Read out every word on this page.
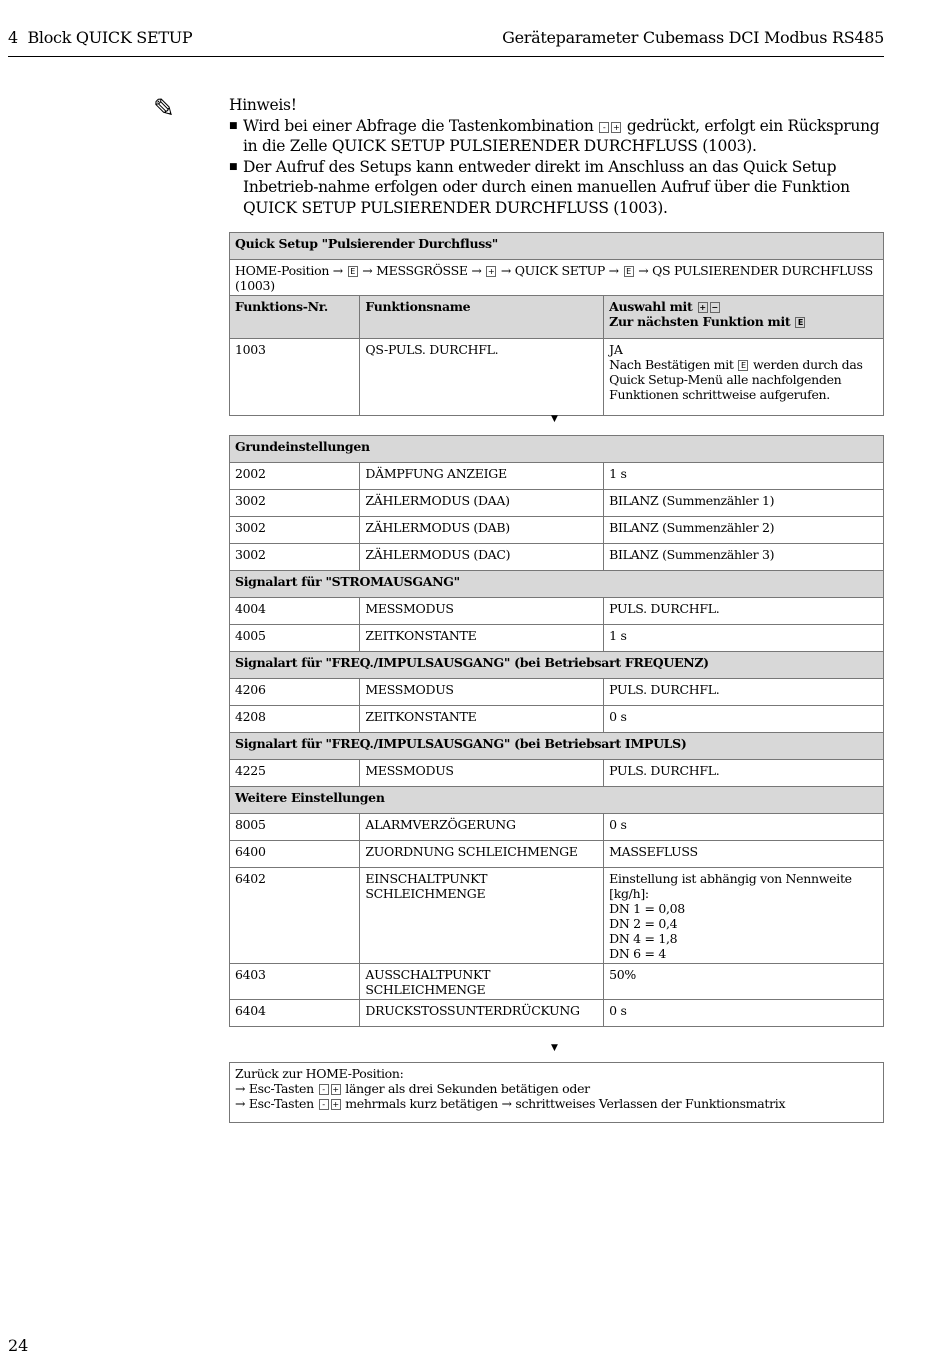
4  Block QUICK SETUP	Geräteparameter Cubemass DCI Modbus RS485
✎	Hinweis!
■ Wird bei einer Abfrage die Tastenkombination - + gedrückt, erfolgt ein Rücksprung in die Zelle QUICK SETUP PULSIERENDER DURCHFLUSS (1003).
■ Der Aufruf des Setups kann entweder direkt im Anschluss an das Quick Setup Inbetrieb-nahme erfolgen oder durch einen manuellen Aufruf über die Funktion QUICK SETUP PULSIERENDER DURCHFLUSS (1003).
Quick Setup "Pulsierender Durchfluss"		
HOME-Position → E → MESSGRÖSSE → + → QUICK SETUP → E → QS PULSIERENDER DURCHFLUSS (1003)		
Funktions-Nr.	Funktionsname	Auswahl mit + −
Zur nächsten Funktion mit E
1003	QS-PULS. DURCHFL.	JA
Nach Bestätigen mit E werden durch das Quick Setup-Menü alle nachfolgenden Funktionen schrittweise aufgerufen.
▼
Grundeinstellungen		
2002	DÄMPFUNG ANZEIGE	1 s
3002	ZÄHLERMODUS (DAA)	BILANZ (Summenzähler 1)
3002	ZÄHLERMODUS (DAB)	BILANZ (Summenzähler 2)
3002	ZÄHLERMODUS (DAC)	BILANZ (Summenzähler 3)
Signalart für "STROMAUSGANG"		
4004	MESSMODUS	PULS. DURCHFL.
4005	ZEITKONSTANTE	1 s
Signalart für "FREQ./IMPULSAUSGANG" (bei Betriebsart FREQUENZ)		
4206	MESSMODUS	PULS. DURCHFL.
4208	ZEITKONSTANTE	0 s
Signalart für "FREQ./IMPULSAUSGANG" (bei Betriebsart IMPULS)		
4225	MESSMODUS	PULS. DURCHFL.
Weitere Einstellungen		
8005	ALARMVERZÖGERUNG	0 s
6400	ZUORDNUNG SCHLEICHMENGE	MASSEFLUSS
6402	EINSCHALTPUNKT SCHLEICHMENGE	Einstellung ist abhängig von Nennweite [kg/h]:
DN 1 = 0,08
DN 2 = 0,4
DN 4 = 1,8
DN 6 = 4
6403	AUSSCHALTPUNKT SCHLEICHMENGE	50%
6404	DRUCKSTOSSUNTERDRÜCKUNG	0 s
▼
Zurück zur HOME-Position:
→ Esc-Tasten - + länger als drei Sekunden betätigen oder
→ Esc-Tasten - + mehrmals kurz betätigen → schrittweises Verlassen der Funktionsmatrix
24
